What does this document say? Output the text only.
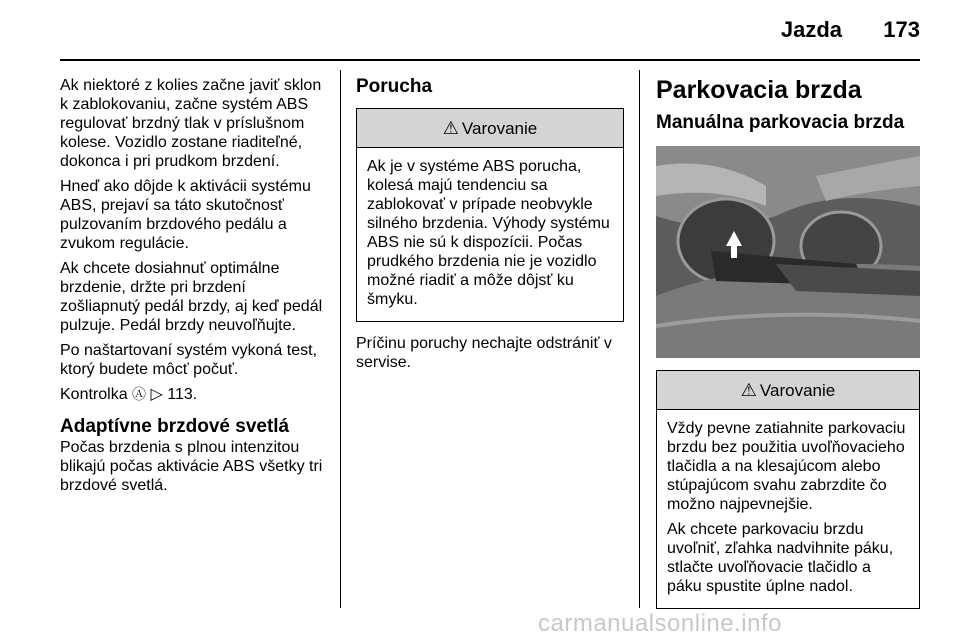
Jazda 173

Ak niektoré z kolies začne javiť sklon k zablokovaniu, začne systém ABS regulovať brzdný tlak v príslušnom kolese. Vozidlo zostane riaditeľné, dokonca i pri prudkom brzdení.

Hneď ako dôjde k aktivácii systému ABS, prejaví sa táto skutočnosť pulzovaním brzdového pedálu a zvukom regulácie.

Ak chcete dosiahnuť optimálne brzdenie, držte pri brzdení zošliapnutý pedál brzdy, aj keď pedál pulzuje. Pedál brzdy neuvoľňujte.

Po naštartovaní systém vykoná test, ktorý budete môcť počuť.

Kontrolka Ⓐ ▷ 113.

Adaptívne brzdové svetlá

Počas brzdenia s plnou intenzitou blikajú počas aktivácie ABS všetky tri brzdové svetlá.

Porucha
⚠ Varovanie

Ak je v systéme ABS porucha, kolesá majú tendenciu sa zablokovať v prípade neobvykle silného brzdenia. Výhody systému ABS nie sú k dispozícii. Počas prudkého brzdenia nie je vozidlo možné riadiť a môže dôjsť ku šmyku.

Príčinu poruchy nechajte odstrániť v servise.

Parkovacia brzda
Manuálna parkovacia brzda
⚠ Varovanie

Vždy pevne zatiahnite parkovaciu brzdu bez použitia uvoľňovacieho tlačidla a na klesajúcom alebo stúpajúcom svahu zabrzdite čo možno najpevnejšie.

Ak chcete parkovaciu brzdu uvoľniť, zľahka nadvihnite páku, stlačte uvoľňovacie tlačidlo a páku spustite úplne nadol.

carmanualsonline.info
